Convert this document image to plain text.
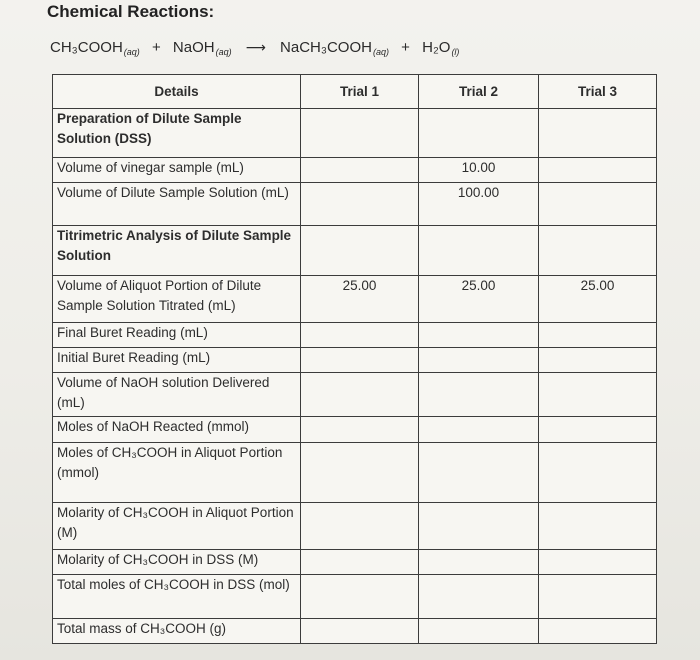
Chemical Reactions:
$CH_3COOH_{(aq)}$ + NaOH$_{(aq)}$ ⟶ $NaCH_3COOH_{(aq)} + H_2O_{(l)}$
Details	Trial 1	Trial 2	Trial 3
Preparation of Dilute Sample Solution (DSS)			
Volume of vinegar sample (mL)		10.00	
Volume of Dilute Sample Solution (mL)		100.00	
Titrimetric Analysis of Dilute Sample Solution			
Volume of Aliquot Portion of Dilute Sample Solution Titrated (mL)	25.00	25.00	25.00
Final Buret Reading (mL)			
Initial Buret Reading (mL)			
Volume of NaOH solution Delivered (mL)			
Moles of NaOH Reacted (mmol)			
Moles of CH₃COOH in Aliquot Portion (mmol)			
Molarity of CH₃COOH in Aliquot Portion (M)			
Molarity of CH₃COOH in DSS (M)			
Total moles of CH₃COOH in DSS (mol)			
Total mass of CH₃COOH (g)			
